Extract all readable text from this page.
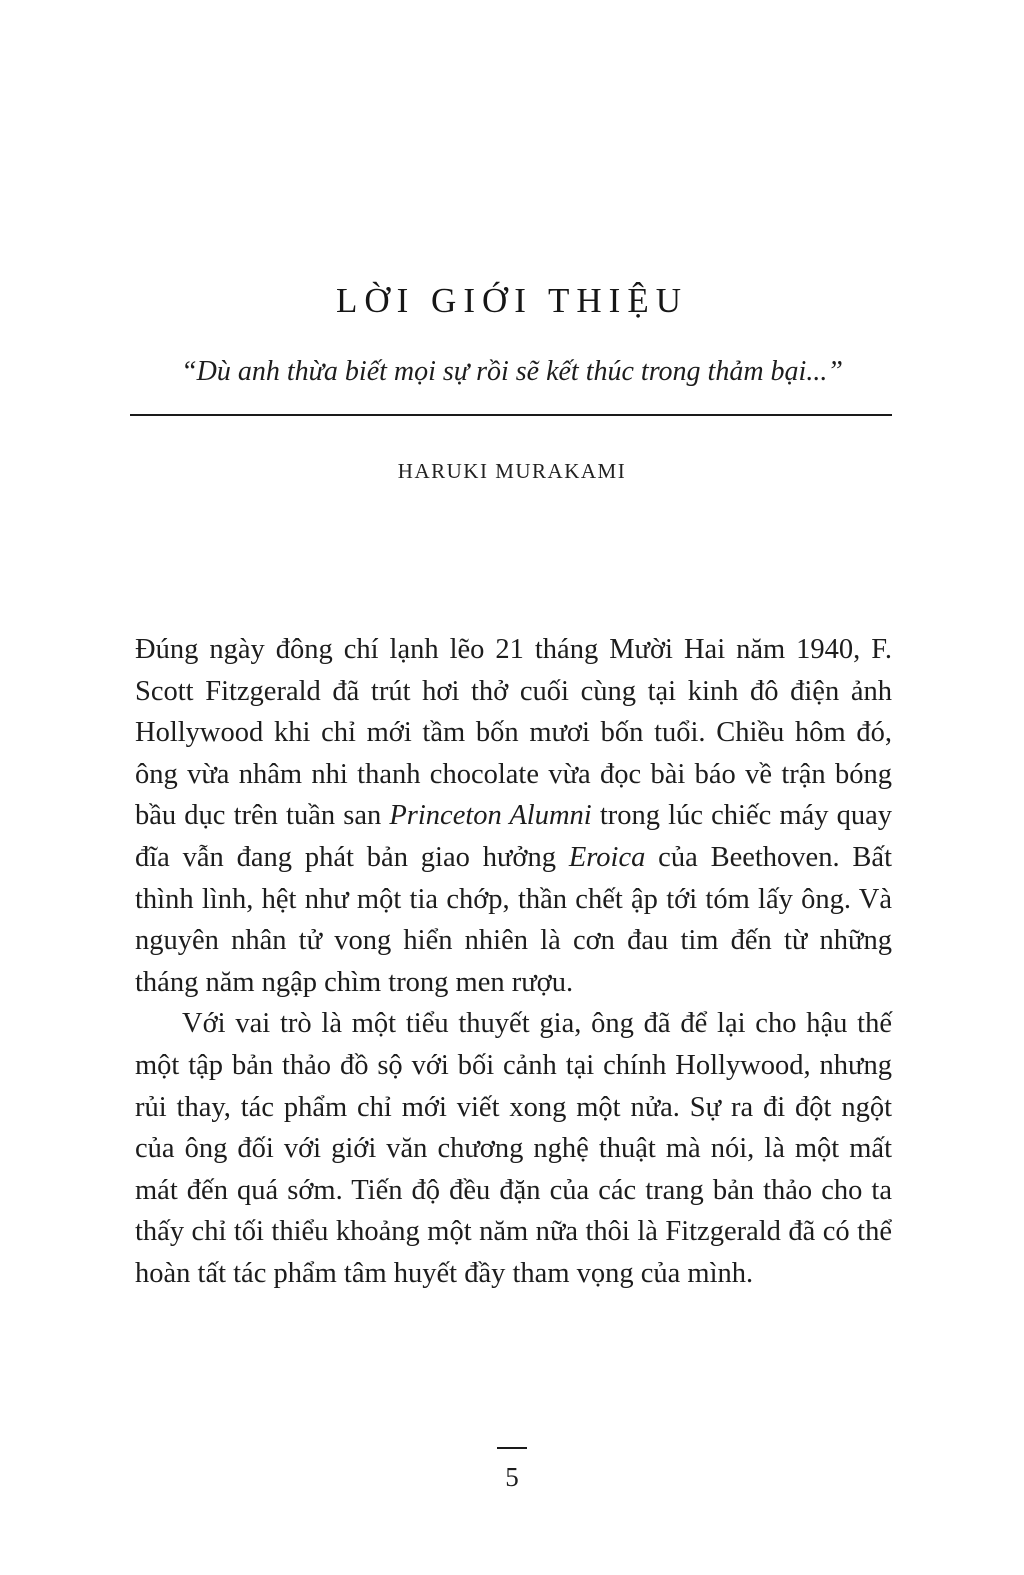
LỜI GIỚI THIỆU
“Dù anh thừa biết mọi sự rồi sẽ kết thúc trong thảm bại...”
HARUKI MURAKAMI

Đúng ngày đông chí lạnh lẽo 21 tháng Mười Hai năm 1940, F. Scott Fitzgerald đã trút hơi thở cuối cùng tại kinh đô điện ảnh Hollywood khi chỉ mới tầm bốn mươi bốn tuổi. Chiều hôm đó, ông vừa nhâm nhi thanh chocolate vừa đọc bài báo về trận bóng bầu dục trên tuần san Princeton Alumni trong lúc chiếc máy quay đĩa vẫn đang phát bản giao hưởng Eroica của Beethoven. Bất thình lình, hệt như một tia chớp, thần chết ập tới tóm lấy ông. Và nguyên nhân tử vong hiển nhiên là cơn đau tim đến từ những tháng năm ngập chìm trong men rượu.

Với vai trò là một tiểu thuyết gia, ông đã để lại cho hậu thế một tập bản thảo đồ sộ với bối cảnh tại chính Hollywood, nhưng rủi thay, tác phẩm chỉ mới viết xong một nửa. Sự ra đi đột ngột của ông đối với giới văn chương nghệ thuật mà nói, là một mất mát đến quá sớm. Tiến độ đều đặn của các trang bản thảo cho ta thấy chỉ tối thiểu khoảng một năm nữa thôi là Fitzgerald đã có thể hoàn tất tác phẩm tâm huyết đầy tham vọng của mình.

5
